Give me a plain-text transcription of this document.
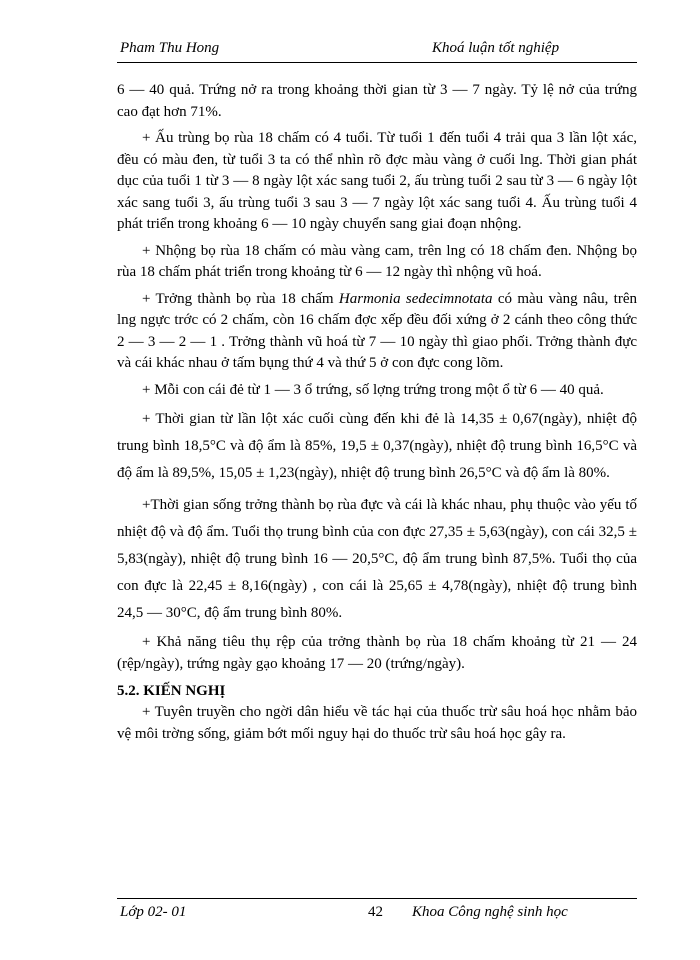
Pham Thu Hong	Khoá luận tốt nghiệp

6 — 40 quả. Trứng nở ra trong khoảng thời gian từ 3 — 7 ngày. Tỷ lệ nở của trứng cao đạt hơn 71%.

+ Ấu trùng bọ rùa 18 chấm có 4 tuổi. Từ tuổi 1 đến tuổi 4 trải qua 3 lần lột xác, đều có màu đen, từ tuổi 3 ta có thể nhìn rõ đợc màu vàng ở cuối lng. Thời gian phát dục của tuổi 1 từ 3 — 8 ngày lột xác sang tuổi 2, ấu trùng tuổi 2 sau từ 3 — 6 ngày lột xác sang tuổi 3, ấu trùng tuổi 3 sau 3 — 7 ngày lột xác sang tuổi 4. Ấu trùng tuổi 4 phát triển trong khoảng 6 — 10 ngày chuyển sang giai đoạn nhộng.

+ Nhộng bọ rùa 18 chấm có màu vàng cam, trên lng có 18 chấm đen. Nhộng bọ rùa 18 chấm phát triển trong khoảng từ 6 — 12 ngày thì nhộng vũ hoá.

+ Trởng thành bọ rùa 18 chấm Harmonia sedecimnotata có màu vàng nâu, trên lng ngực trớc có 2 chấm, còn 16 chấm đợc xếp đều đối xứng ở 2 cánh theo công thức 2 — 3 — 2 — 1 . Trởng thành vũ hoá từ 7 — 10 ngày thì giao phối. Trởng thành đực và cái khác nhau ở tấm bụng thứ 4 và thứ 5 ở con đực cong lõm.

+ Mỗi con cái đẻ từ 1 — 3 ổ trứng, số lợng trứng trong một ổ từ 6 — 40 quả.

+ Thời gian từ lần lột xác cuối cùng đến khi đẻ là 14,35 ± 0,67(ngày), nhiệt độ trung bình 18,5°C và độ ẩm là 85%, 19,5 ± 0,37(ngày), nhiệt độ trung bình 16,5°C và độ ẩm là 89,5%, 15,05 ± 1,23(ngày), nhiệt độ trung bình 26,5°C và độ ẩm là 80%.

+Thời gian sống trởng thành bọ rùa đực và cái là khác nhau, phụ thuộc vào yếu tố nhiệt độ và độ ẩm. Tuổi thọ trung bình của con đực 27,35 ± 5,63(ngày), con cái 32,5 ± 5,83(ngày), nhiệt độ trung bình 16 — 20,5°C, độ ẩm trung bình 87,5%. Tuổi thọ của con đực là 22,45 ± 8,16(ngày) , con cái là 25,65 ± 4,78(ngày), nhiệt độ trung bình 24,5 — 30°C, độ ẩm trung bình 80%.

+ Khả năng tiêu thụ rệp của trởng thành bọ rùa 18 chấm khoảng từ 21 — 24 (rệp/ngày), trứng ngày gạo khoảng 17 — 20 (trứng/ngày).

5.2. KIẾN NGHỊ

+ Tuyên truyền cho ngời dân hiểu về tác hại của thuốc trừ sâu hoá học nhằm bảo vệ môi trờng sống, giảm bớt mối nguy hại do thuốc trừ sâu hoá học gây ra.

Lớp 02- 01	42 Khoa Công nghệ sinh học
